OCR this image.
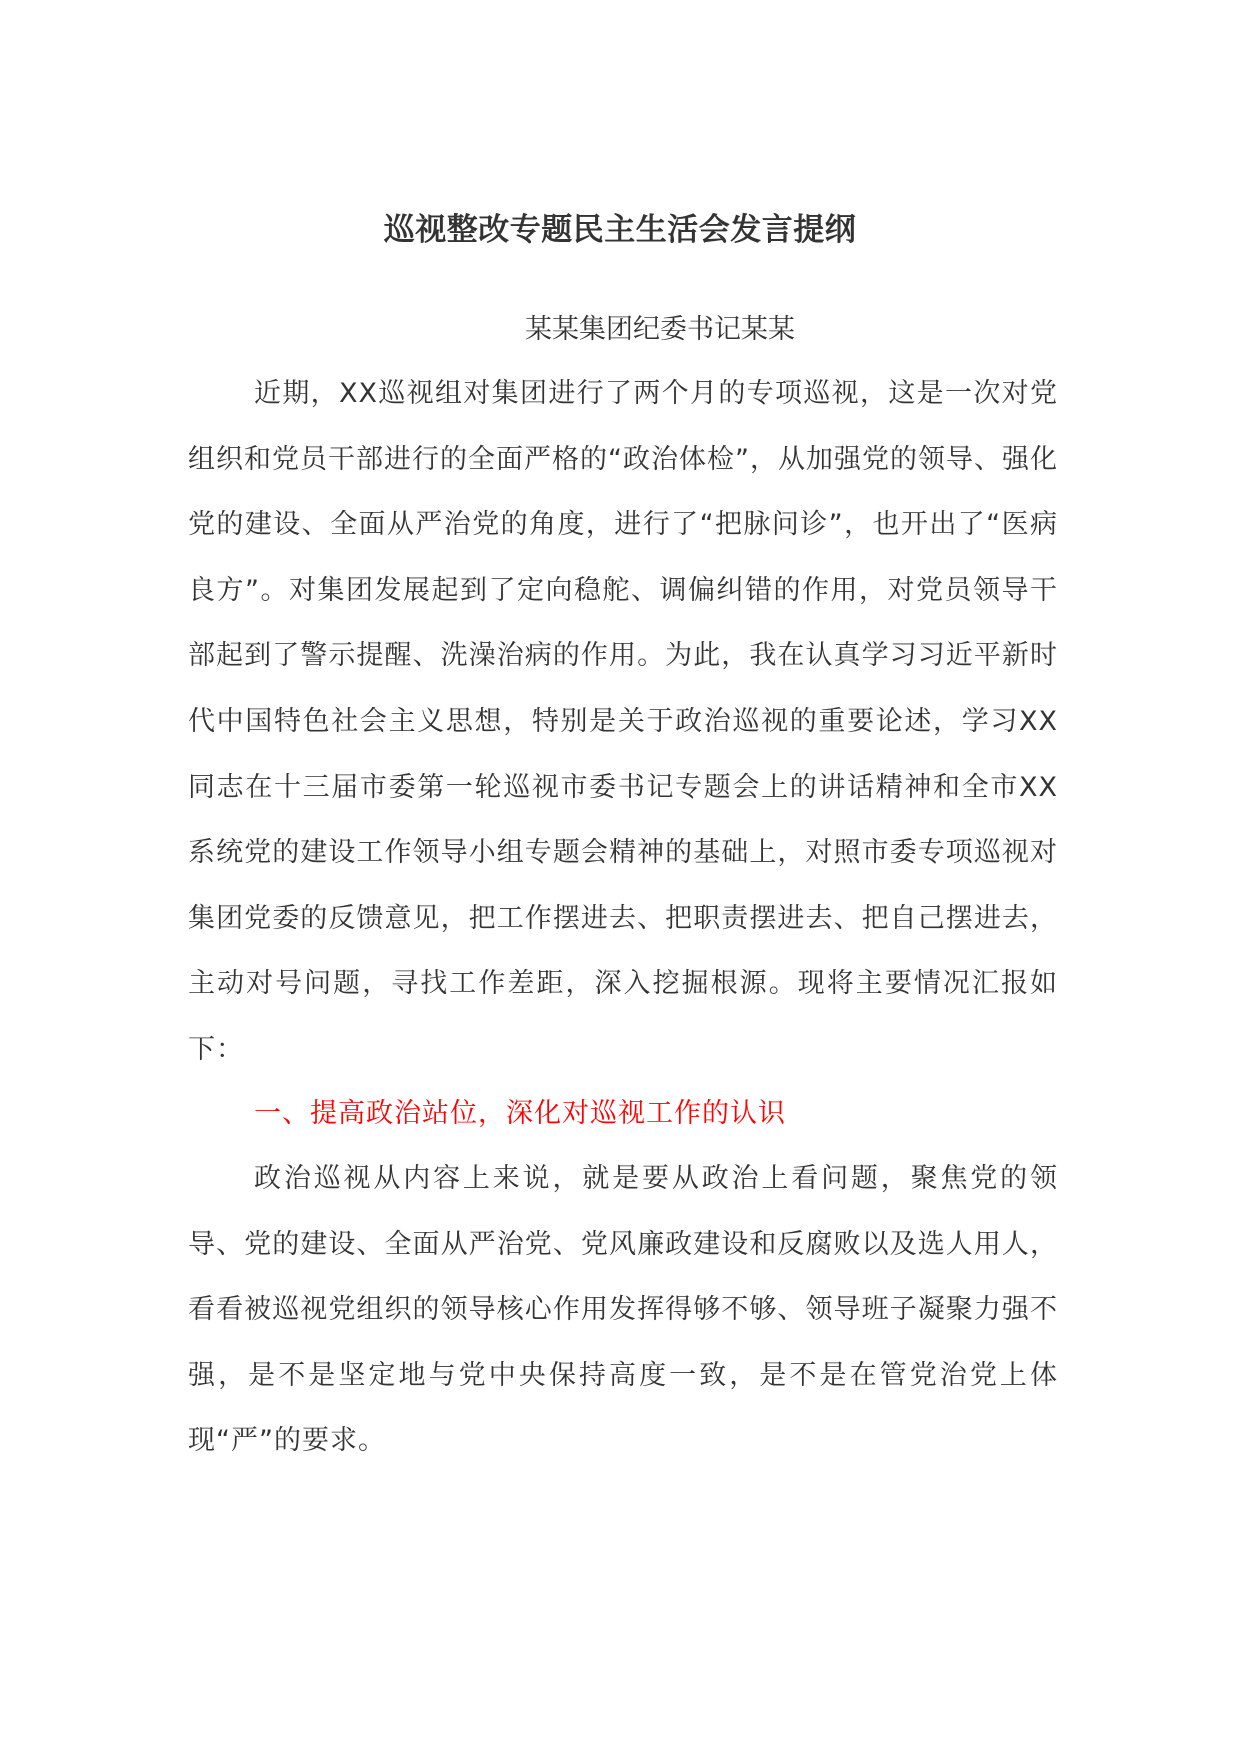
巡视整改专题民主生活会发言提纲
某某集团纪委书记某某

近期，XX巡视组对集团进行了两个月的专项巡视，这是一次对党组织和党员干部进行的全面严格的“政治体检”，从加强党的领导、强化党的建设、全面从严治党的角度，进行了“把脉问诊”，也开出了“医病良方”。对集团发展起到了定向稳舵、调偏纠错的作用，对党员领导干部起到了警示提醒、洗澡治病的作用。为此，我在认真学习习近平新时代中国特色社会主义思想，特别是关于政治巡视的重要论述，学习XX同志在十三届市委第一轮巡视市委书记专题会上的讲话精神和全市XX系统党的建设工作领导小组专题会精神的基础上，对照市委专项巡视对集团党委的反馈意见，把工作摆进去、把职责摆进去、把自己摆进去，主动对号问题，寻找工作差距，深入挖掘根源。现将主要情况汇报如下：

一、提高政治站位，深化对巡视工作的认识

政治巡视从内容上来说，就是要从政治上看问题，聚焦党的领导、党的建设、全面从严治党、党风廉政建设和反腐败以及选人用人，看看被巡视党组织的领导核心作用发挥得够不够、领导班子凝聚力强不强，是不是坚定地与党中央保持高度一致，是不是在管党治党上体现“严”的要求。
